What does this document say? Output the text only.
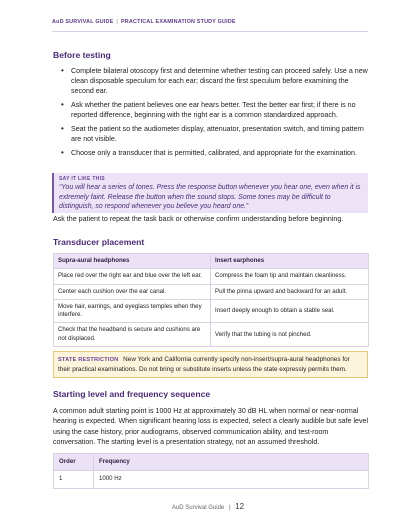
AuD SURVIVAL GUIDE | PRACTICAL EXAMINATION STUDY GUIDE
Before testing
• Complete bilateral otoscopy first and determine whether testing can proceed safely. Use a new clean disposable speculum for each ear; discard the first speculum before examining the second ear.
• Ask whether the patient believes one ear hears better. Test the better ear first; if there is no reported difference, beginning with the right ear is a common standardized approach.
• Seat the patient so the audiometer display, attenuator, presentation switch, and timing pattern are not visible.
• Choose only a transducer that is permitted, calibrated, and appropriate for the examination.
SAY IT LIKE THIS
“You will hear a series of tones. Press the response button whenever you hear one, even when it is extremely faint. Release the button when the sound stops. Some tones may be difficult to distinguish, so respond whenever you believe you heard one.”
Ask the patient to repeat the task back or otherwise confirm understanding before beginning.
Transducer placement
Supra-aural headphones	Insert earphones
Place red over the right ear and blue over the left ear.	Compress the foam tip and maintain cleanliness.
Center each cushion over the ear canal.	Pull the pinna upward and backward for an adult.
Move hair, earrings, and eyeglass temples when they interfere.	Insert deeply enough to obtain a stable seal.
Check that the headband is secure and cushions are not displaced.	Verify that the tubing is not pinched.
STATE RESTRICTION New York and California currently specify non-insert/supra-aural headphones for their practical examinations. Do not bring or substitute inserts unless the state expressly permits them.
Starting level and frequency sequence
A common adult starting point is 1000 Hz at approximately 30 dB HL when normal or near-normal hearing is expected. When significant hearing loss is expected, select a clearly audible but safe level using the case history, prior audiograms, observed communication ability, and test-room conversation. The starting level is a presentation strategy, not an assumed threshold.
Order	Frequency
1	1000 Hz
AuD Survival Guide | 12
